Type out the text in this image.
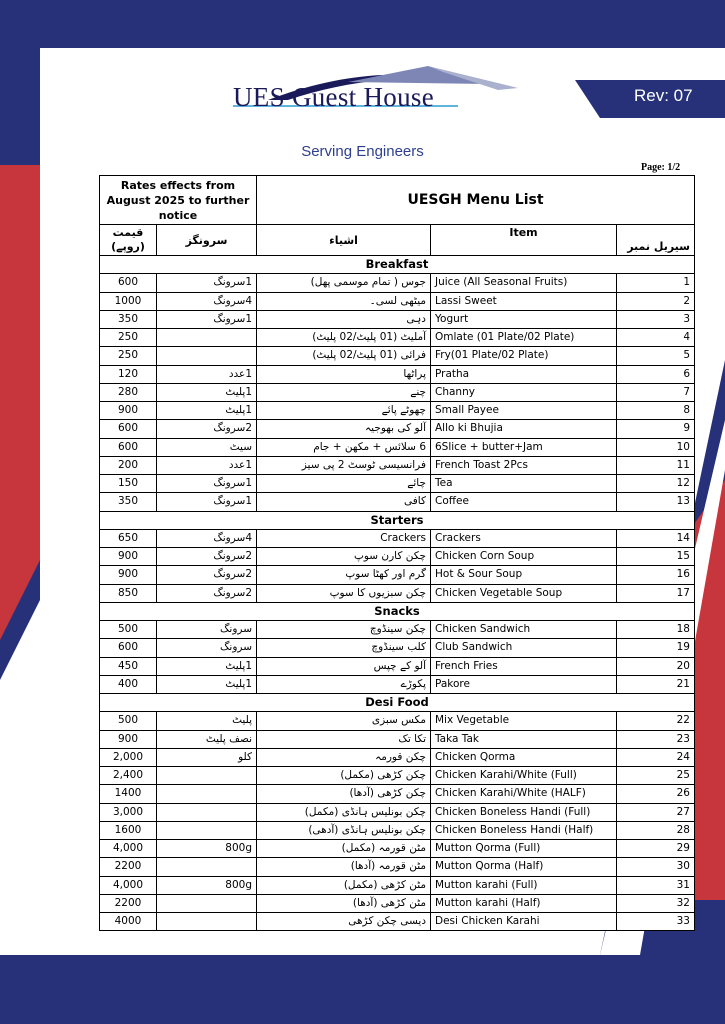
UES Guest House	Rev: 07
Serving Engineers
Page: 1/2
Rates effects from August 2025 to further notice		UESGH Menu List		
قیمت (روپے)	سرونگز	اشیاء	Item	سیریل نمبر
Breakfast				
600	1سرونگ	جوس ( تمام موسمی پھل)	Juice (All Seasonal Fruits)	1
1000	4سرونگ	میٹھی لسی۔	Lassi Sweet	2
350	1سرونگ	دہی	Yogurt	3
250		آملیٹ (01 پلیٹ/02 پلیٹ)	Omlate (01 Plate/02 Plate)	4
250		فرائی (01 پلیٹ/02 پلیٹ)	Fry(01 Plate/02 Plate)	5
120	1عدد	پراٹھا	Pratha	6
280	1پلیٹ	چنے	Channy	7
900	1پلیٹ	چھوٹے پائے	Small Payee	8
600	2سرونگ	آلو کی بھوجیہ	Allo ki Bhujia	9
600	سیٹ	6 سلائس + مکھن + جام	6Slice + butter+Jam	10
200	1عدد	فرانسیسی ٹوسٹ 2 پی سیز	French Toast 2Pcs	11
150	1سرونگ	چائے	Tea	12
350	1سرونگ	کافی	Coffee	13
Starters				
650	4سرونگ	Crackers	Crackers	14
900	2سرونگ	چکن کارن سوپ	Chicken Corn Soup	15
900	2سرونگ	گرم اور کھٹا سوپ	Hot & Sour Soup	16
850	2سرونگ	چکن سبزیوں کا سوپ	Chicken Vegetable Soup	17
Snacks				
500	سرونگ	چکن سینڈوچ	Chicken Sandwich	18
600	سرونگ	کلب سینڈوچ	Club Sandwich	19
450	1پلیٹ	آلو کے چپس	French Fries	20
400	1پلیٹ	پکوڑے	Pakore	21
Desi Food				
500	پلیٹ	مکس سبزی	Mix Vegetable	22
900	نصف پلیٹ	تکا تک	Taka Tak	23
2,000	کلو	چکن قورمہ	Chicken Qorma	24
2,400		چکن کڑھی (مکمل)	Chicken Karahi/White (Full)	25
1400		چکن کڑھی (آدھا)	Chicken Karahi/White (HALF)	26
3,000		چکن بونلیس ہانڈی (مکمل)	Chicken Boneless Handi (Full)	27
1600		چکن بونلیس ہانڈی (آدھی)	Chicken Boneless Handi (Half)	28
4,000	800g	مٹن قورمہ (مکمل)	Mutton Qorma (Full)	29
2200		مٹن قورمہ (آدھا)	Mutton Qorma (Half)	30
4,000	800g	مٹن کڑھی (مکمل)	Mutton karahi (Full)	31
2200		مٹن کڑھی (آدھا)	Mutton karahi (Half)	32
4000		دیسی چکن کڑھی	Desi Chicken Karahi	33
